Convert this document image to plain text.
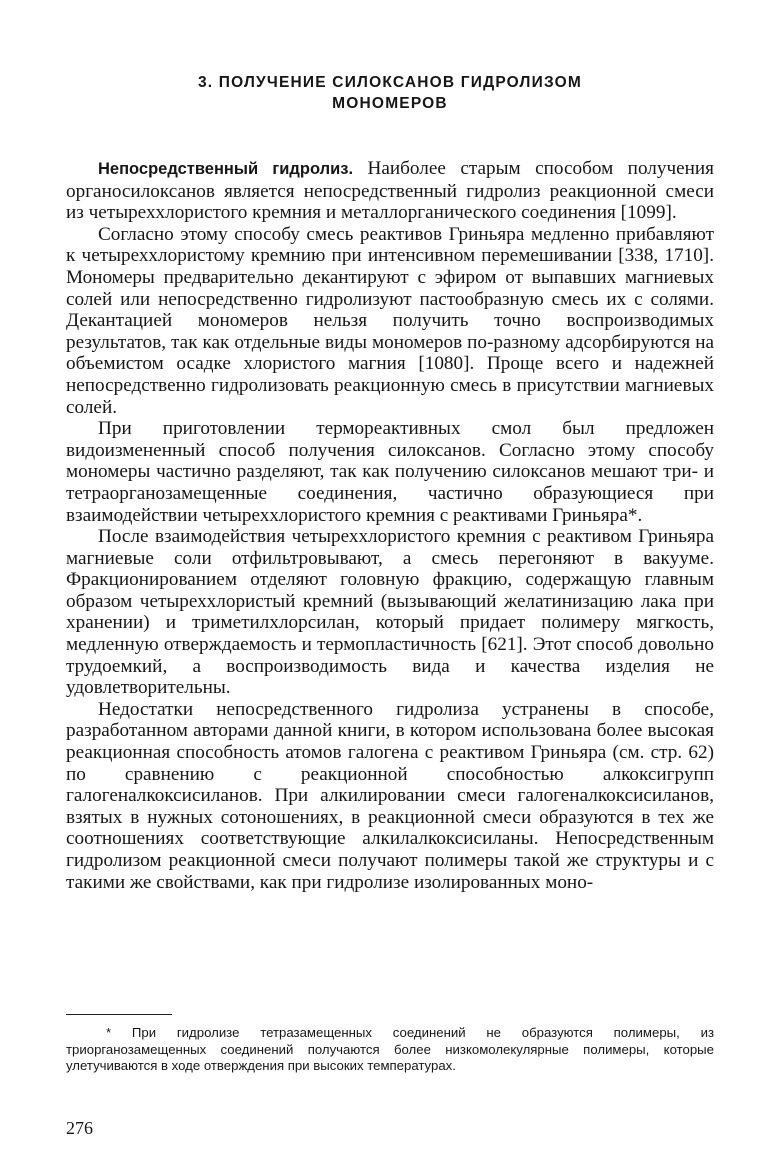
3. ПОЛУЧЕНИЕ СИЛОКСАНОВ ГИДРОЛИЗОМ
МОНОМЕРОВ

Непосредственный гидролиз. Наиболее старым способом получения органосилоксанов является непосредственный гидролиз реакционной смеси из четыреххлористого кремния и металлорганического соединения [1099].

Согласно этому способу смесь реактивов Гриньяра медленно прибавляют к четыреххлористому кремнию при интенсивном перемешивании [338, 1710]. Мономеры предварительно декантируют с эфиром от выпавших магниевых солей или непосредственно гидролизуют пастообразную смесь их с солями. Декантацией мономеров нельзя получить точно воспроизводимых результатов, так как отдельные виды мономеров по-разному адсорбируются на объемистом осадке хлористого магния [1080]. Проще всего и надежней непосредственно гидролизовать реакционную смесь в присутствии магниевых солей.

При приготовлении термореактивных смол был предложен видоизмененный способ получения силоксанов. Согласно этому способу мономеры частично разделяют, так как получению силоксанов мешают три- и тетраорганозамещенные соединения, частично образующиеся при взаимодействии четыреххлористого кремния с реактивами Гриньяра*.

После взаимодействия четыреххлористого кремния с реактивом Гриньяра магниевые соли отфильтровывают, а смесь перегоняют в вакууме. Фракционированием отделяют головную фракцию, содержащую главным образом четыреххлористый кремний (вызывающий желатинизацию лака при хранении) и триметилхлорсилан, который придает полимеру мягкость, медленную отверждаемость и термопластичность [621]. Этот способ довольно трудоемкий, а воспроизводимость вида и качества изделия не удовлетворительны.

Недостатки непосредственного гидролиза устранены в способе, разработанном авторами данной книги, в котором использована более высокая реакционная способность атомов галогена с реактивом Гриньяра (см. стр. 62) по сравнению с реакционной способностью алкоксигрупп галогеналкоксисиланов. При алкилировании смеси галогеналкоксисиланов, взятых в нужных сотоношениях, в реакционной смеси образуются в тех же соотношениях соответствующие алкилалкоксисиланы. Непосредственным гидролизом реакционной смеси получают полимеры такой же структуры и с такими же свойствами, как при гидролизе изолированных моно-

* При гидролизе тетразамещенных соединений не образуются полимеры, из триорганозамещенных соединений получаются более низкомолекулярные полимеры, которые улетучиваются в ходе отверждения при высоких температурах.

276
